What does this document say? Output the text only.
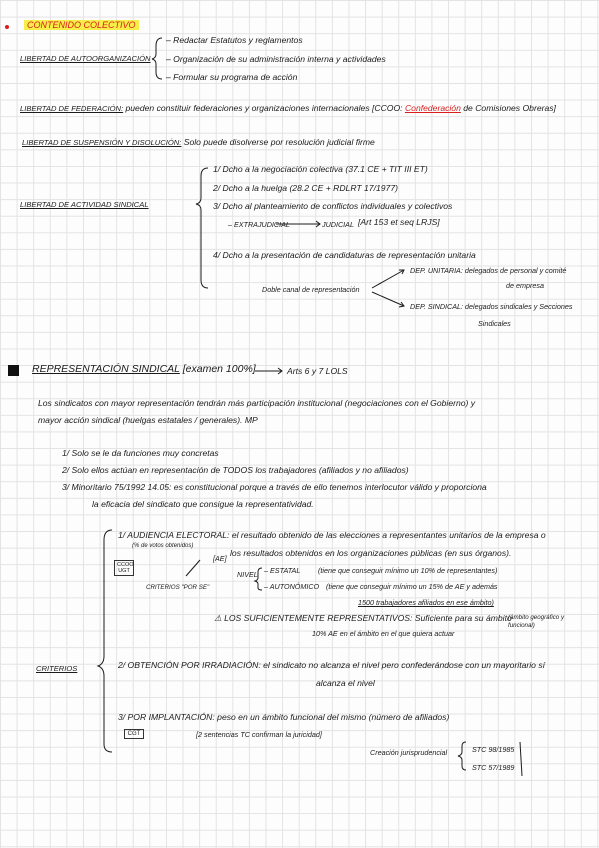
CONTENIDO COLECTIVO
LIBERTAD DE AUTOORGANIZACIÓN
– Redactar Estatutos y reglamentos
– Organización de su administración interna y actividades
– Formular su programa de acción
LIBERTAD DE FEDERACIÓN: pueden constituir federaciones y organizaciones internacionales [CCOO: Confederación de Comisiones Obreras]
LIBERTAD DE SUSPENSIÓN Y DISOLUCIÓN: Solo puede disolverse por resolución judicial firme
LIBERTAD DE ACTIVIDAD SINDICAL
1/ Dcho a la negociación colectiva (37.1 CE + TIT III ET)
2/ Dcho a la huelga (28.2 CE + RDLRT 17/1977)
3/ Dcho al planteamiento de conflictos individuales y colectivos
– EXTRAJUDICIAL	JUDICIAL [Art 153 et seq LRJS]
4/ Dcho a la presentación de candidaturas de representación unitaria
Doble canal de representación
DEP. UNITARIA: delegados de personal y comité
de empresa
DEP. SINDICAL: delegados sindicales y Secciones
Sindicales
REPRESENTACIÓN SINDICAL [examen 100%]	Arts 6 y 7 LOLS
Los sindicatos con mayor representación tendrán más participación institucional (negociaciones con el Gobierno) y
mayor acción sindical (huelgas estatales / generales). MP
1/ Solo se le da funciones muy concretas
2/ Solo ellos actúan en representación de TODOS los trabajadores (afiliados y no afiliados)
3/ Minoritario 75/1992 14.05: es constitucional porque a través de ello tenemos interlocutor válido y proporciona
la eficacia del sindicato que consigue la representatividad.
CRITERIOS
1/ AUDIENCIA ELECTORAL: el resultado obtenido de las elecciones a representantes unitarios de la empresa o
(% de votos obtenidos)
[AE]
los resultados obtenidos en los organizaciones públicas (en sus órganos).
CCOO UGT
CRITERIOS "POR SE"
NIVEL – ESTATAL (tiene que conseguir mínimo un 10% de representantes)
– AUTONÓMICO (tiene que conseguir mínimo un 15% de AE y además
1500 trabajadores afiliados en ese ámbito)
⚠ LOS SUFICIENTEMENTE REPRESENTATIVOS: Suficiente para su ámbito
10% AE en el ámbito en el que quiera actuar
(ámbito geográfico y funcional)
2/ OBTENCIÓN POR IRRADIACIÓN: el sindicato no alcanza el nivel pero confederándose con un mayoritario sí
alcanza el nivel
3/ POR IMPLANTACIÓN: peso en un ámbito funcional del mismo (número de afiliados)
CGT	[2 sentencias TC confirman la juricidad]
Creación jurisprudencial	STC 98/1985
STC 57/1989
